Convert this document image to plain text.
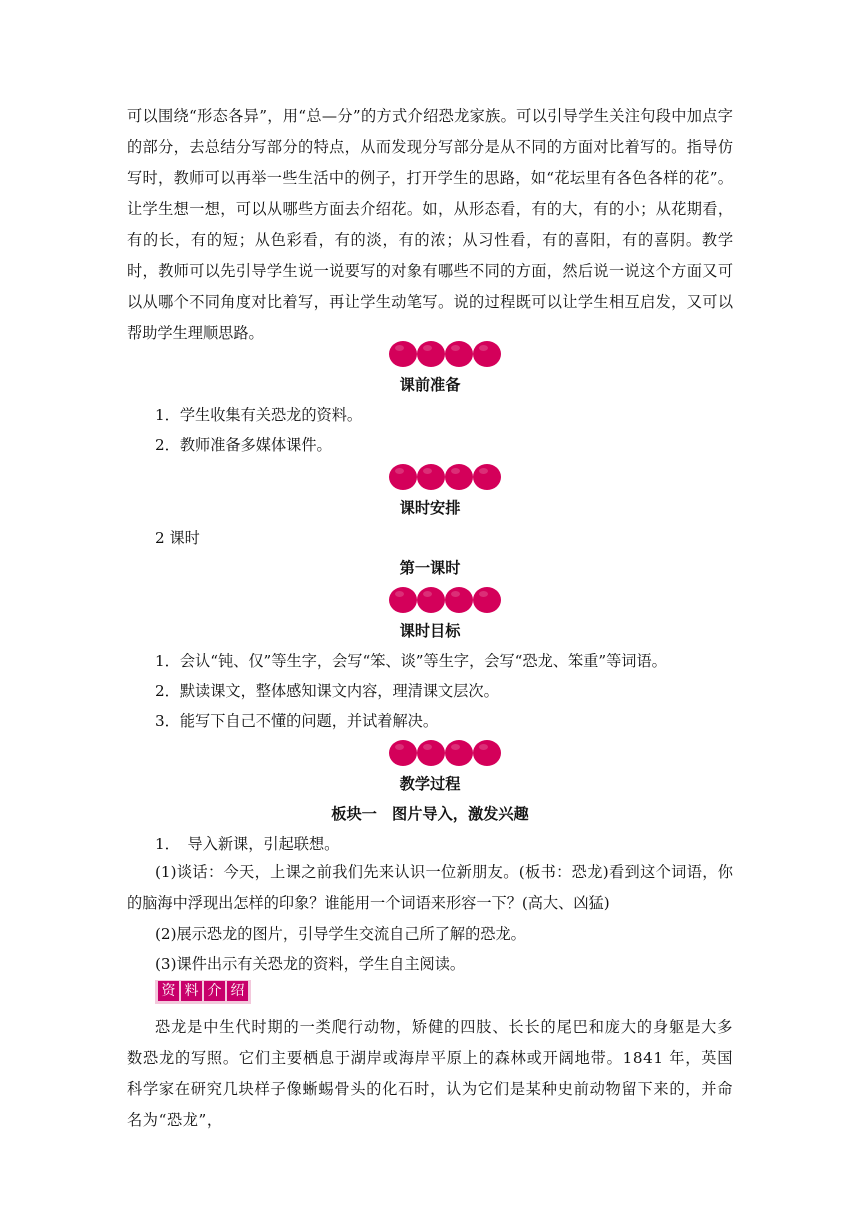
可以围绕“形态各异”，用“总—分”的方式介绍恐龙家族。可以引导学生关注句段中加点字的部分，去总结分写部分的特点，从而发现分写部分是从不同的方面对比着写的。指导仿写时，教师可以再举一些生活中的例子，打开学生的思路，如“花坛里有各色各样的花”。让学生想一想，可以从哪些方面去介绍花。如，从形态看，有的大，有的小；从花期看，有的长，有的短；从色彩看，有的淡，有的浓；从习性看，有的喜阳，有的喜阴。教学时，教师可以先引导学生说一说要写的对象有哪些不同的方面，然后说一说这个方面又可以从哪个不同角度对比着写，再让学生动笔写。说的过程既可以让学生相互启发，又可以帮助学生理顺思路。

课前准备

1．学生收集有关恐龙的资料。

2．教师准备多媒体课件。

课时安排

2 课时

第一课时

课时目标

1．会认“钝、仅”等生字，会写“笨、谈”等生字，会写“恐龙、笨重”等词语。

2．默读课文，整体感知课文内容，理清课文层次。

3．能写下自己不懂的问题，并试着解决。

教学过程

板块一　图片导入，激发兴趣

1．　导入新课，引起联想。

(1)谈话：今天，上课之前我们先来认识一位新朋友。(板书：恐龙)看到这个词语，你的脑海中浮现出怎样的印象？谁能用一个词语来形容一下？(高大、凶猛)

(2)展示恐龙的图片，引导学生交流自己所了解的恐龙。

(3)课件出示有关恐龙的资料，学生自主阅读。

资 料 介 绍

恐龙是中生代时期的一类爬行动物，矫健的四肢、长长的尾巴和庞大的身躯是大多数恐龙的写照。它们主要栖息于湖岸或海岸平原上的森林或开阔地带。1841 年，英国科学家在研究几块样子像蜥蜴骨头的化石时，认为它们是某种史前动物留下来的，并命名为“恐龙”，
